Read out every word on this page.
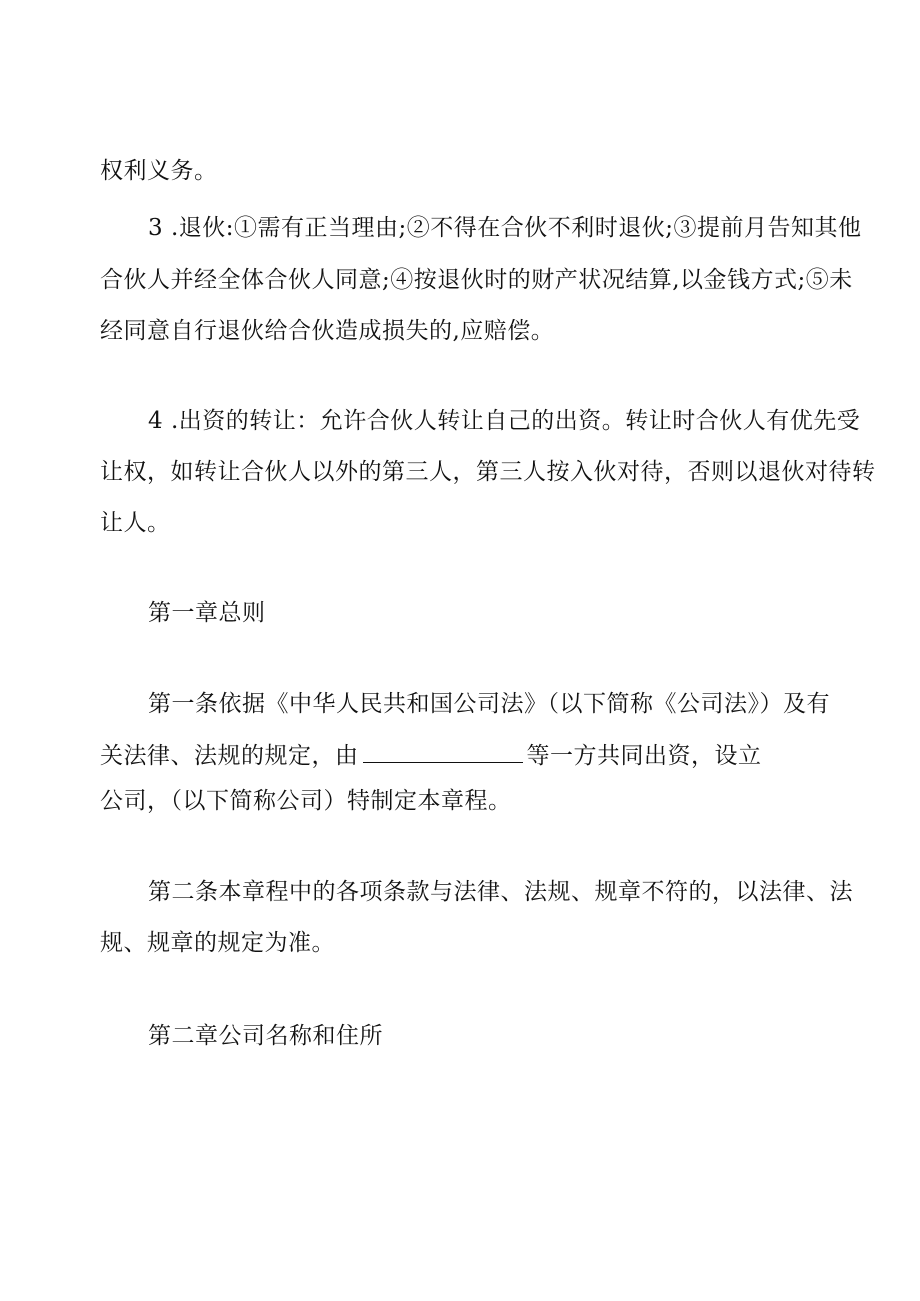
权利义务。
3 .退伙:①需有正当理由;②不得在合伙不利时退伙;③提前月告知其他
合伙人并经全体合伙人同意;④按退伙时的财产状况结算,以金钱方式;⑤未
经同意自行退伙给合伙造成损失的,应赔偿。
4 .出资的转让：允许合伙人转让自己的出资。转让时合伙人有优先受
让权，如转让合伙人以外的第三人，第三人按入伙对待，否则以退伙对待转
让人。
第一章总则
第一条依据《中华人民共和国公司法》（以下简称《公司法》）及有
关法律、法规的规定，由	等一方共同出资，设立
公司，（以下简称公司）特制定本章程。
第二条本章程中的各项条款与法律、法规、规章不符的，以法律、法
规、规章的规定为准。
第二章公司名称和住所
